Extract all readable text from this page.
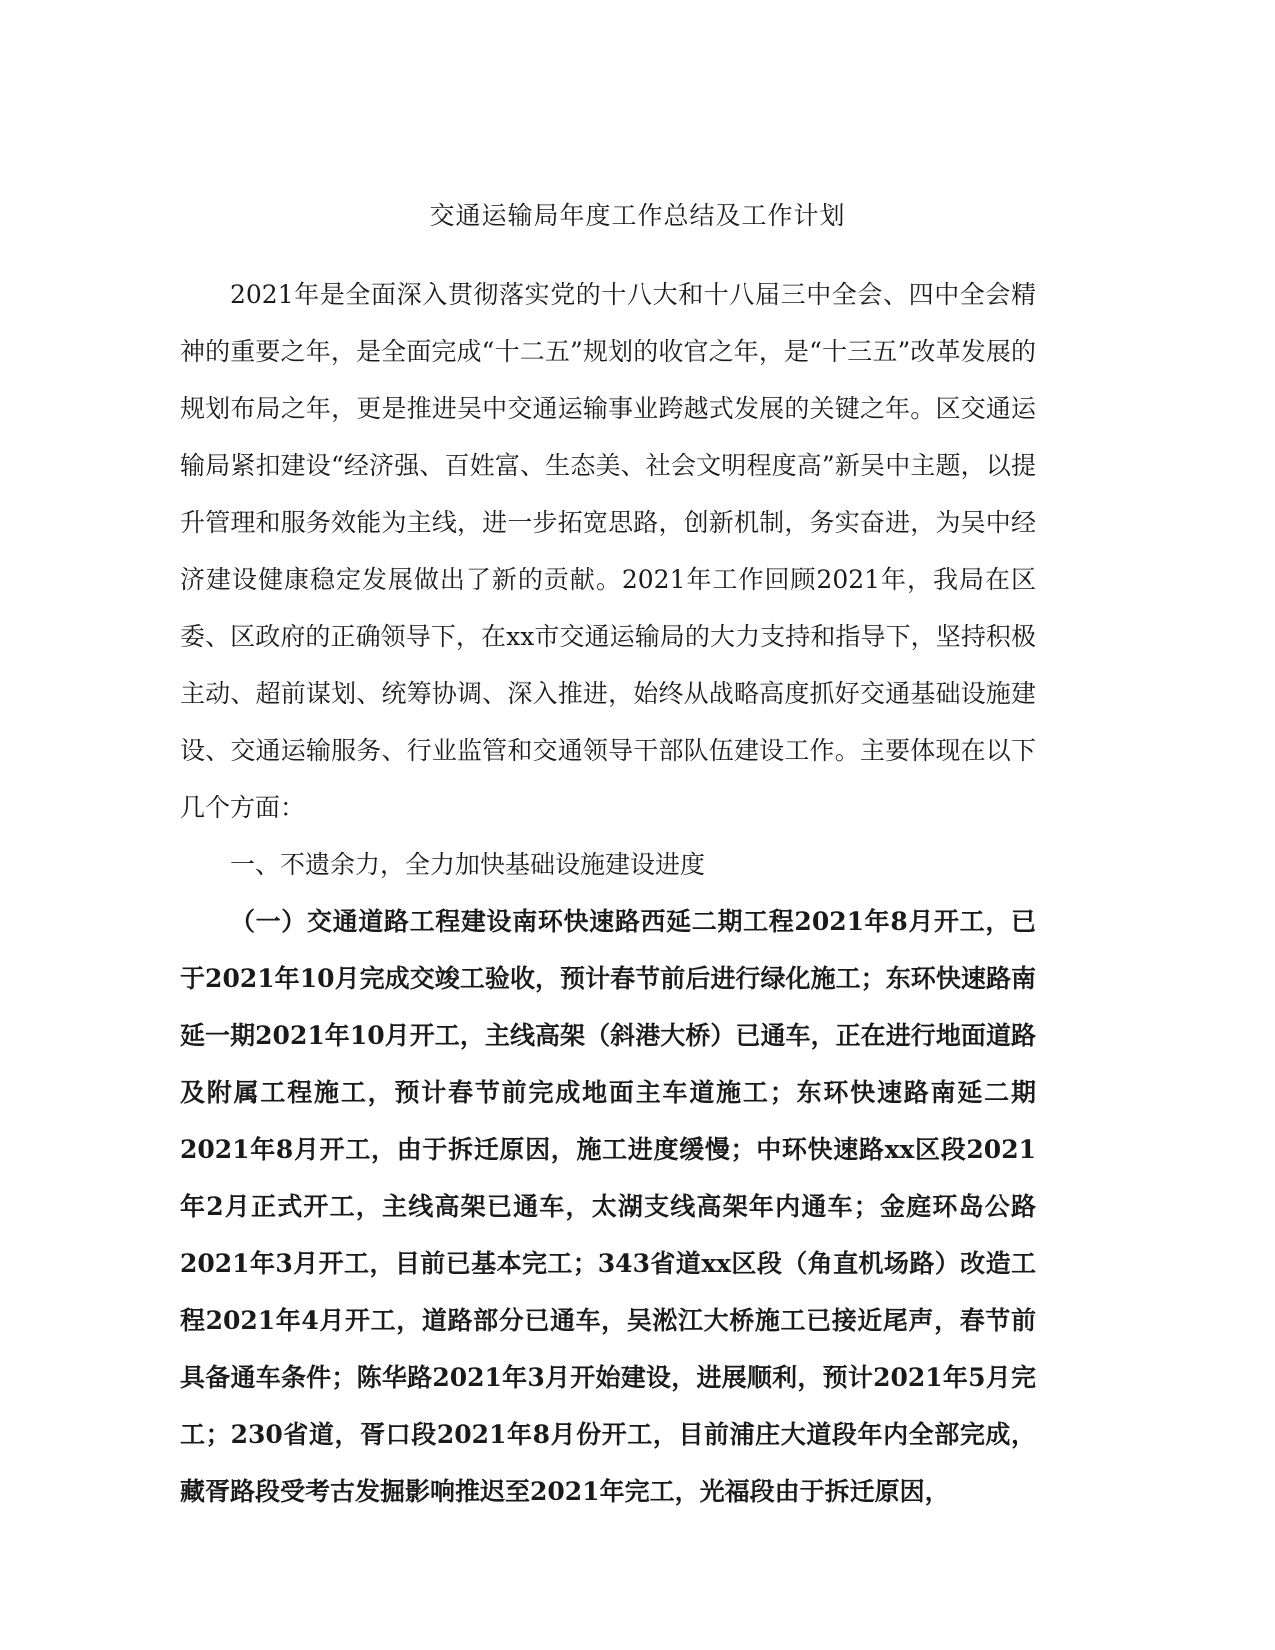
交通运输局年度工作总结及工作计划

2021年是全面深入贯彻落实党的十八大和十八届三中全会、四中全会精神的重要之年，是全面完成“十二五”规划的收官之年，是“十三五”改革发展的规划布局之年，更是推进吴中交通运输事业跨越式发展的关键之年。区交通运输局紧扣建设“经济强、百姓富、生态美、社会文明程度高”新吴中主题，以提升管理和服务效能为主线，进一步拓宽思路，创新机制，务实奋进，为吴中经济建设健康稳定发展做出了新的贡献。2021年工作回顾2021年，我局在区委、区政府的正确领导下，在xx市交通运输局的大力支持和指导下，坚持积极主动、超前谋划、统筹协调、深入推进，始终从战略高度抓好交通基础设施建设、交通运输服务、行业监管和交通领导干部队伍建设工作。主要体现在以下几个方面：

一、不遗余力，全力加快基础设施建设进度

（一）交通道路工程建设南环快速路西延二期工程2021年8月开工，已于2021年10月完成交竣工验收，预计春节前后进行绿化施工；东环快速路南延一期2021年10月开工，主线高架（斜港大桥）已通车，正在进行地面道路及附属工程施工，预计春节前完成地面主车道施工；东环快速路南延二期2021年8月开工，由于拆迁原因，施工进度缓慢；中环快速路xx区段2021年2月正式开工，主线高架已通车，太湖支线高架年内通车；金庭环岛公路2021年3月开工，目前已基本完工；343省道xx区段（角直机场路）改造工程2021年4月开工，道路部分已通车，吴淞江大桥施工已接近尾声，春节前具备通车条件；陈华路2021年3月开始建设，进展顺利，预计2021年5月完工；230省道，胥口段2021年8月份开工，目前浦庄大道段年内全部完成，藏胥路段受考古发掘影响推迟至2021年完工，光福段由于拆迁原因，
